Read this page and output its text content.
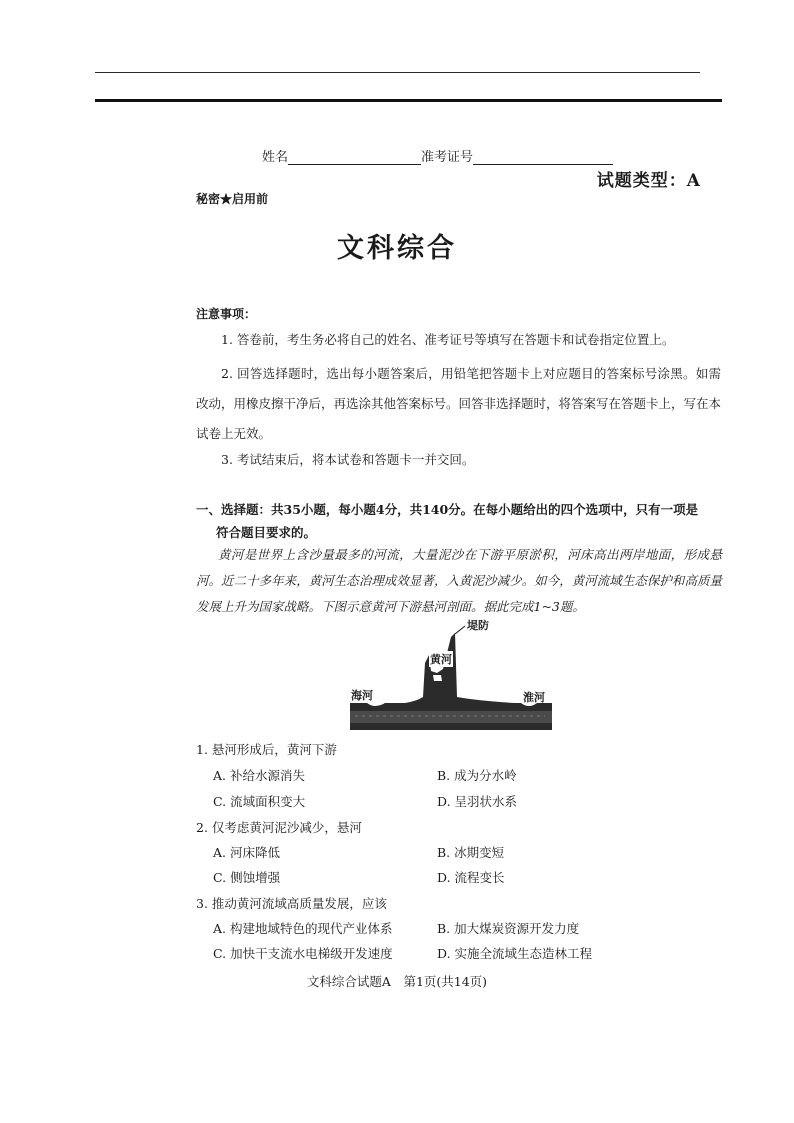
姓名	准考证号
试题类型：A
秘密★启用前
文科综合
注意事项：
1. 答卷前，考生务必将自己的姓名、准考证号等填写在答题卡和试卷指定位置上。
2. 回答选择题时，选出每小题答案后，用铅笔把答题卡上对应题目的答案标号涂黑。如需改动，用橡皮擦干净后，再选涂其他答案标号。回答非选择题时，将答案写在答题卡上，写在本试卷上无效。
3. 考试结束后，将本试卷和答题卡一并交回。
一、选择题：共35小题，每小题4分，共140分。在每小题给出的四个选项中，只有一项是
符合题目要求的。
黄河是世界上含沙量最多的河流，大量泥沙在下游平原淤积，河床高出两岸地面，形成悬河。近二十多年来，黄河生态治理成效显著，入黄泥沙减少。如今，黄河流域生态保护和高质量发展上升为国家战略。下图示意黄河下游悬河剖面。据此完成1~3题。
堤防
黄河
海河	淮河
1. 悬河形成后，黄河下游
A. 补给水源消失	B. 成为分水岭
C. 流域面积变大	D. 呈羽状水系
2. 仅考虑黄河泥沙减少，悬河
A. 河床降低	B. 冰期变短
C. 侧蚀增强	D. 流程变长
3. 推动黄河流域高质量发展，应该
A. 构建地域特色的现代产业体系	B. 加大煤炭资源开发力度
C. 加快干支流水电梯级开发速度	D. 实施全流域生态造林工程
文科综合试题A　第1页(共14页)
